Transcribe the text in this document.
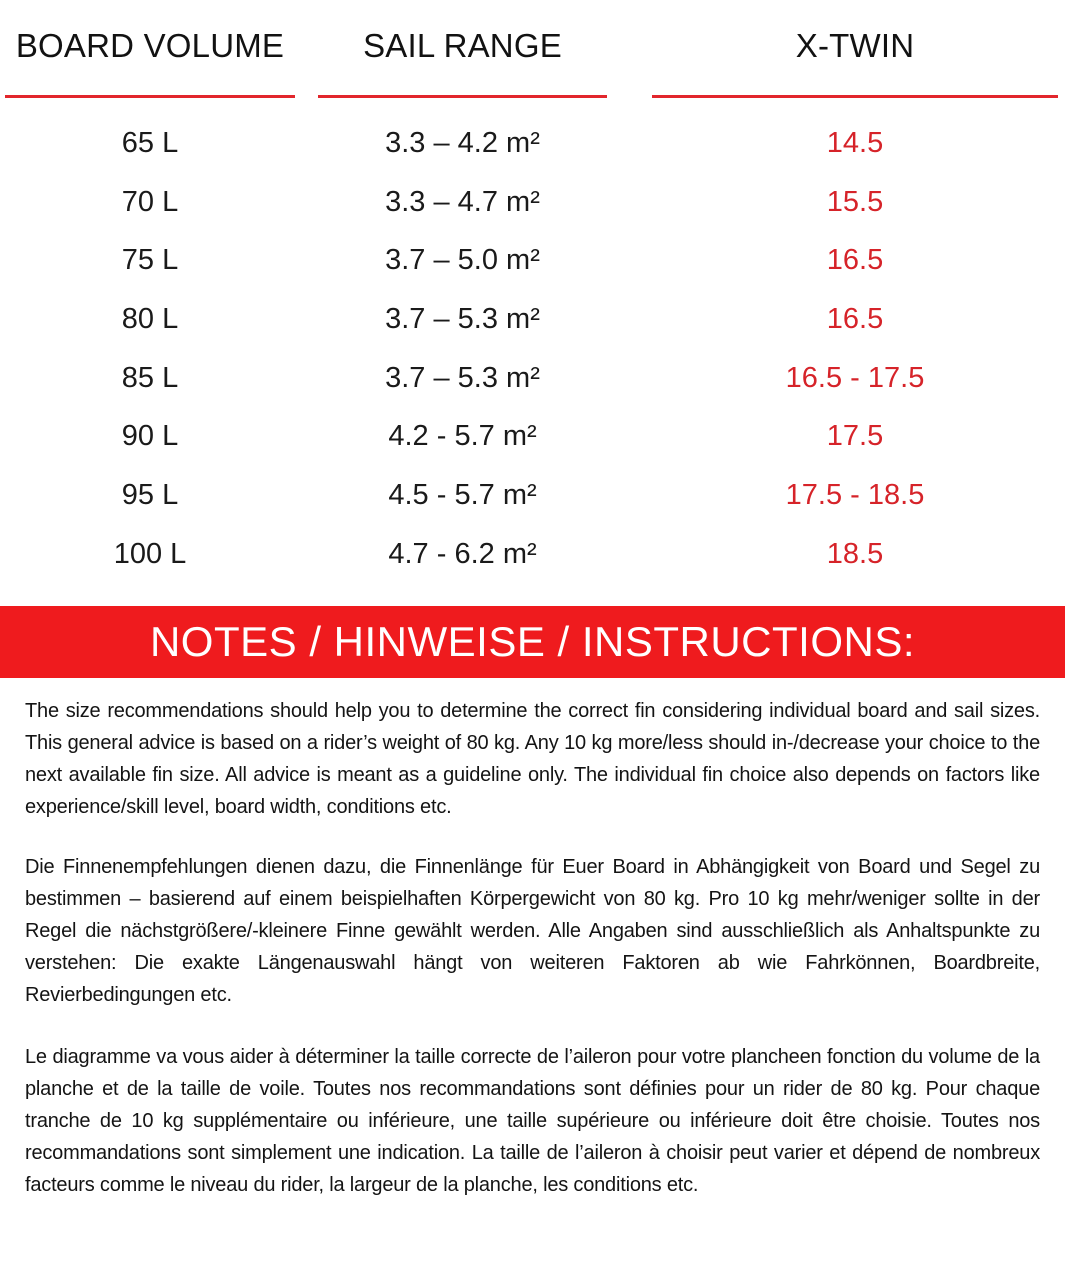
BOARD VOLUME	SAIL RANGE	X-TWIN
65 L	3.3 – 4.2 m²	14.5
70 L	3.3 – 4.7 m²	15.5
75 L	3.7 – 5.0 m²	16.5
80 L	3.7 – 5.3 m²	16.5
85 L	3.7 – 5.3 m²	16.5 - 17.5
90 L	4.2 - 5.7 m²	17.5
95 L	4.5 - 5.7 m²	17.5 - 18.5
100 L	4.7 - 6.2 m²	18.5
NOTES / HINWEISE / INSTRUCTIONS:

The size recommendations should help you to determine the correct fin considering individual board and sail sizes. This general advice is based on a rider’s weight of 80 kg. Any 10 kg more/less should in-/decrease your choice to the next available fin size. All advice is meant as a guideline only. The individual fin choice also depends on factors like experience/skill level, board width, conditions etc.

Die Finnenempfehlungen dienen dazu, die Finnenlänge für Euer Board in Abhängigkeit von Board und Segel zu bestimmen – basierend auf einem beispielhaften Körpergewicht von 80 kg. Pro 10 kg mehr/weniger sollte in der Regel die nächstgrößere/-kleinere Finne gewählt werden. Alle Angaben sind ausschließlich als Anhaltspunkte zu verstehen: Die exakte Längenauswahl hängt von weiteren Faktoren ab wie Fahrkönnen, Boardbreite, Revierbedingungen etc.

Le diagramme va vous aider à déterminer la taille correcte de l’aileron pour votre plancheen fonction du volume de la planche et de la taille de voile. Toutes nos recommandations sont définies pour un rider de 80 kg. Pour chaque tranche de 10 kg supplémentaire ou inférieure, une taille supérieure ou inférieure doit être choisie. Toutes nos recommandations sont simplement une indication. La taille de l’aileron à choisir peut varier et dépend de nombreux facteurs comme le niveau du rider, la largeur de la planche, les conditions etc.
